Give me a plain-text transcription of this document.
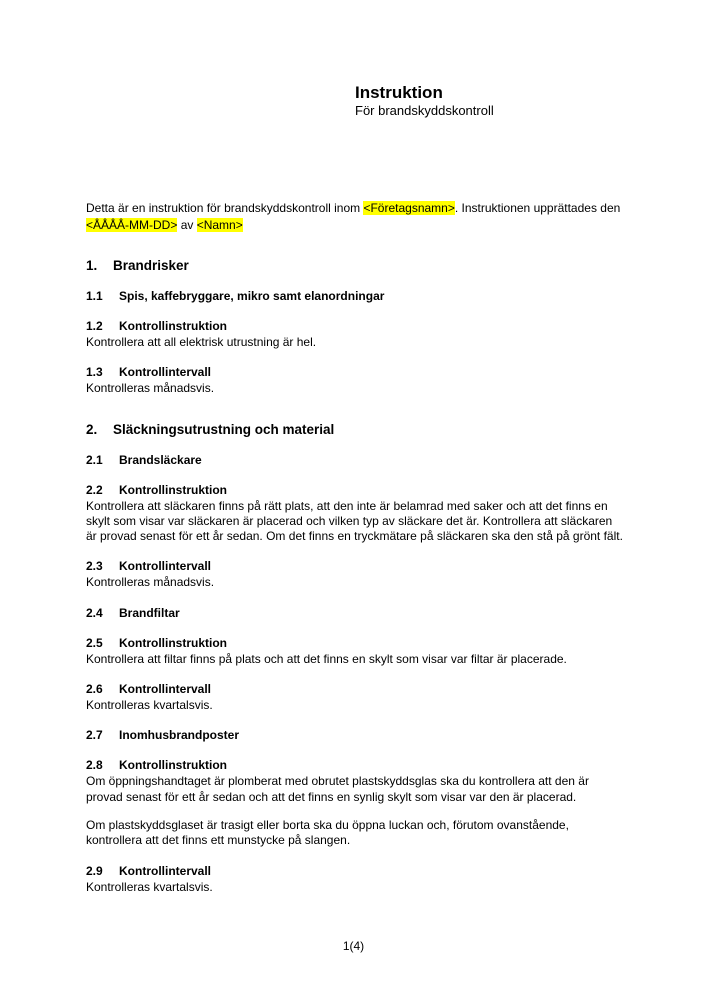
Instruktion
För brandskyddskontroll

Detta är en instruktion för brandskyddskontroll inom <Företagsnamn>. Instruktionen upprättades den <ÅÅÅÅ-MM-DD> av <Namn>

1. Brandrisker
1.1 Spis, kaffebryggare, mikro samt elanordningar
1.2 Kontrollinstruktion

Kontrollera att all elektrisk utrustning är hel.

1.3 Kontrollintervall

Kontrolleras månadsvis.

2. Släckningsutrustning och material
2.1 Brandsläckare
2.2 Kontrollinstruktion

Kontrollera att släckaren finns på rätt plats, att den inte är belamrad med saker och att det finns en skylt som visar var släckaren är placerad och vilken typ av släckare det är. Kontrollera att släckaren är provad senast för ett år sedan. Om det finns en tryckmätare på släckaren ska den stå på grönt fält.

2.3 Kontrollintervall

Kontrolleras månadsvis.

2.4 Brandfiltar
2.5 Kontrollinstruktion

Kontrollera att filtar finns på plats och att det finns en skylt som visar var filtar är placerade.

2.6 Kontrollintervall

Kontrolleras kvartalsvis.

2.7 Inomhusbrandposter
2.8 Kontrollinstruktion

Om öppningshandtaget är plomberat med obrutet plastskyddsglas ska du kontrollera att den är provad senast för ett år sedan och att det finns en synlig skylt som visar var den är placerad.

Om plastskyddsglaset är trasigt eller borta ska du öppna luckan och, förutom ovanstående, kontrollera att det finns ett munstycke på slangen.

2.9 Kontrollintervall

Kontrolleras kvartalsvis.

1(4)
